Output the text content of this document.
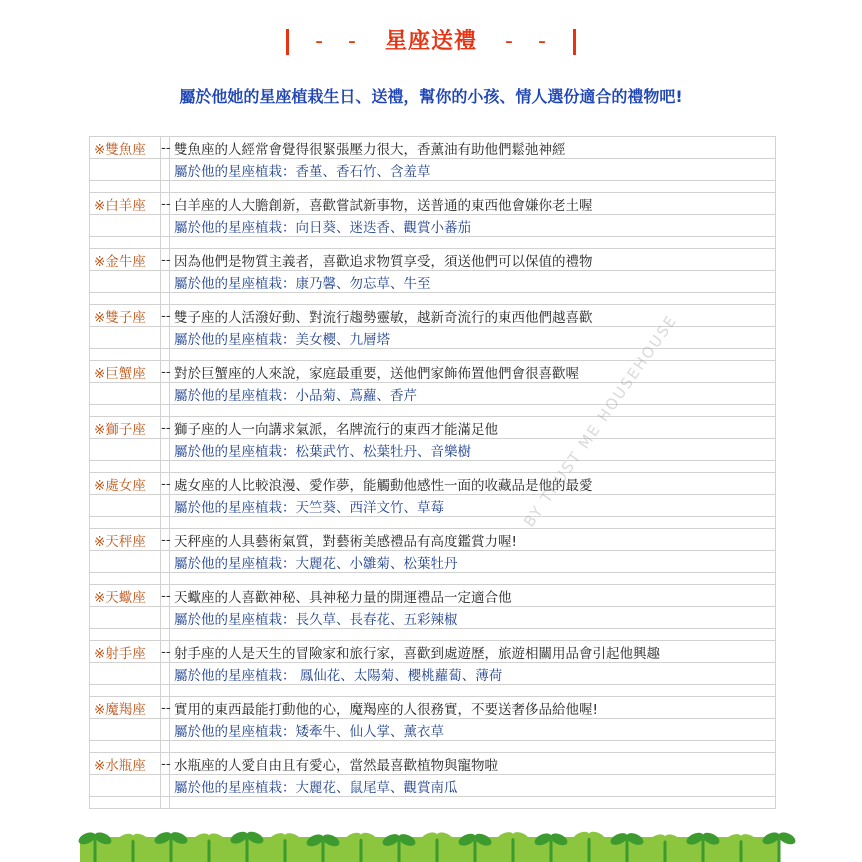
- - 星座送禮 - -
屬於他她的星座植栽生日、送禮，幫你的小孩、情人選份適合的禮物吧!
※雙魚座	--	雙魚座的人經常會覺得很緊張壓力很大，香薰油有助他們鬆弛神經
		屬於他的星座植栽：香堇、香石竹、含羞草

※白羊座	--	白羊座的人大膽創新，喜歡嘗試新事物，送普通的東西他會嫌你老土喔
		屬於他的星座植栽：向日葵、迷迭香、觀賞小蕃茄

※金牛座	--	因為他們是物質主義者，喜歡追求物質享受，須送他們可以保值的禮物
		屬於他的星座植栽：康乃馨、勿忘草、牛至

※雙子座	--	雙子座的人活潑好動、對流行趨勢靈敏，越新奇流行的東西他們越喜歡
		屬於他的星座植栽：美女櫻、九層塔

※巨蟹座	--	對於巨蟹座的人來說，家庭最重要，送他們家飾佈置他們會很喜歡喔
		屬於他的星座植栽：小品菊、蔦蘿、香芹

※獅子座	--	獅子座的人一向講求氣派，名牌流行的東西才能滿足他
		屬於他的星座植栽：松葉武竹、松葉牡丹、音樂樹

※處女座	--	處女座的人比較浪漫、愛作夢，能觸動他感性一面的收藏品是他的最愛
		屬於他的星座植栽：天竺葵、西洋文竹、草莓

※天秤座	--	天秤座的人具藝術氣質，對藝術美感禮品有高度鑑賞力喔!
		屬於他的星座植栽：大麗花、小雛菊、松葉牡丹

※天蠍座	--	天蠍座的人喜歡神秘、具神秘力量的開運禮品一定適合他
		屬於他的星座植栽：長久草、長春花、五彩辣椒

※射手座	--	射手座的人是天生的冒險家和旅行家，喜歡到處遊歷，旅遊相關用品會引起他興趣
		屬於他的星座植栽： 鳳仙花、太陽菊、櫻桃蘿蔔、薄荷

※魔羯座	--	實用的東西最能打動他的心，魔羯座的人很務實，不要送奢侈品給他喔!
		屬於他的星座植栽：矮牽牛、仙人掌、薰衣草

※水瓶座	--	水瓶座的人愛自由且有愛心，當然最喜歡植物與寵物啦
		屬於他的星座植栽：大麗花、鼠尾草、觀賞南瓜

BY TRUST ME HOUSEHOUSE
